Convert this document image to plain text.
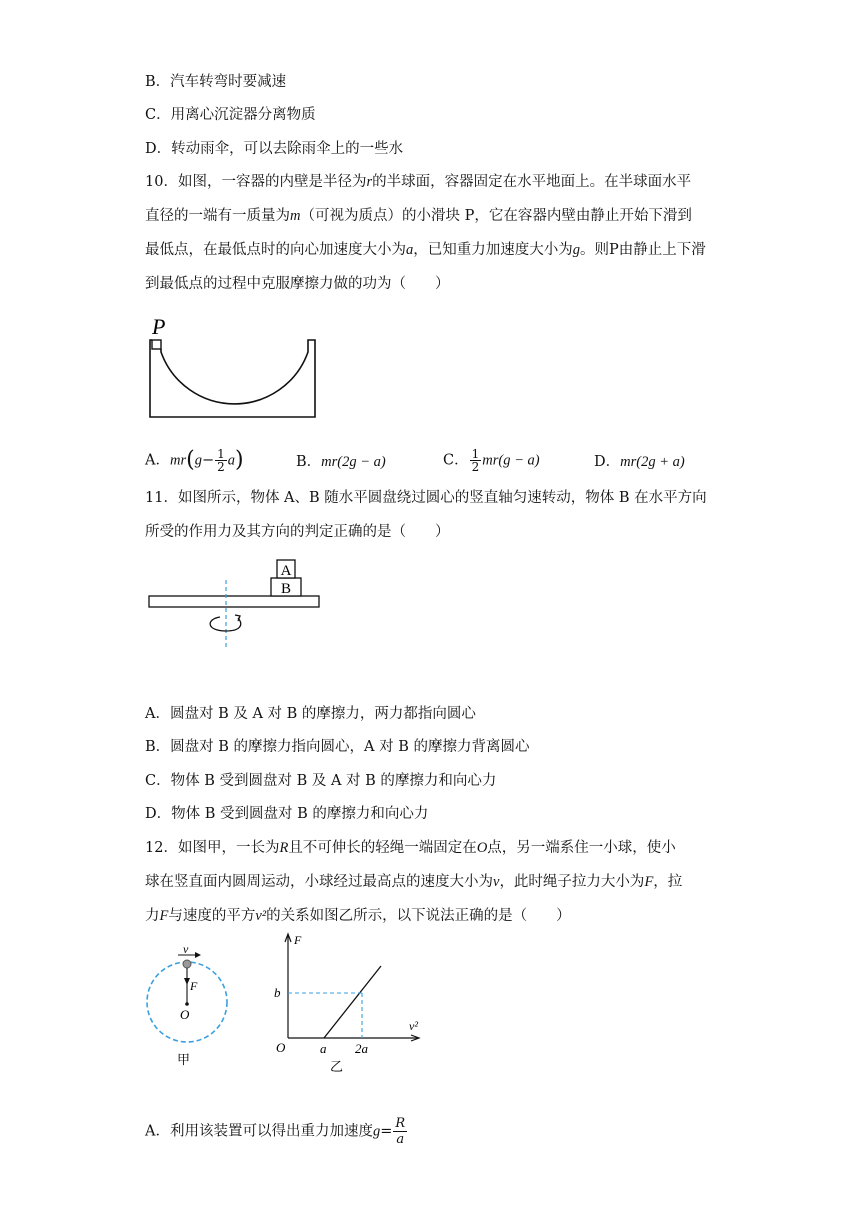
B．汽车转弯时要减速
C．用离心沉淀器分离物质
D．转动雨伞，可以去除雨伞上的一些水
10．如图，一容器的内壁是半径为r的半球面，容器固定在水平地面上。在半球面水平
直径的一端有一质量为m（可视为质点）的小滑块 P，它在容器内壁由静止开始下滑到
最低点，在最低点时的向心加速度大小为a，已知重力加速度大小为g。则P由静止上下滑
到最低点的过程中克服摩擦力做的功为（　　）
P
A．$mr(g- \frac{1}{2} a)$	B．mr(2g − a)	C． $\frac{1}{2} mr(g - a)$	D．mr(2g + a)
11．如图所示，物体 A、B 随水平圆盘绕过圆心的竖直轴匀速转动，物体 B 在水平方向
所受的作用力及其方向的判定正确的是（　　）
A
B
A．圆盘对 B 及 A 对 B 的摩擦力，两力都指向圆心
B．圆盘对 B 的摩擦力指向圆心，A 对 B 的摩擦力背离圆心
C．物体 B 受到圆盘对 B 及 A 对 B 的摩擦力和向心力
D．物体 B 受到圆盘对 B 的摩擦力和向心力
12．如图甲，一长为R且不可伸长的轻绳一端固定在O点，另一端系住一小球，使小
球在竖直面内圆周运动，小球经过最高点的速度大小为v，此时绳子拉力大小为F，拉
力F与速度的平方v²的关系如图乙所示，以下说法正确的是（　　）
v
F
O
甲
F
v²
O
b
a 2a
乙
A．利用该装置可以得出重力加速度$g= \frac{R}{a}$
